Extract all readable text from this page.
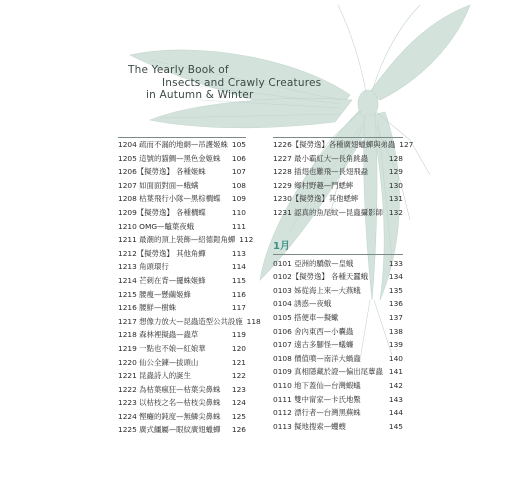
The Yearly Book of
Insects and Crawly Creatures
in Autumn & Winter
1204 疏而不漏的地網—吊護姬蛛 105
1205 這號的貓鯛—黑色金姬蛛	106
1206【擬勞逸】 各種姬蛛	107
1207 如面面對面—蛾螨	108
1208 枯葉飛行小隊—黑棕櫚蝶	109
1209【擬勞逸】 各種櫚蝶	110
1210 OMG—鼈葉夜蛾	111
1211 最潮的頂上裝飾—紹德鎧角蟬 112
1212【擬勞逸】 其他角蟬	113
1213 角頭環行	114
1214 芒刺在背—擺蛛姬蜂	115
1215 腰瘦—懸繭姬蜂	116
1216 腰鮮—樹蛛	117
1217 想像力放大—昆蟲造型公共設施 118
1218 森林裡擬蟲—蟲草	119
1219 一點也不娘—紅娘華	120
1220 仙公全鍊—拔頭山	121
1221 昆蟲詩人的誕生	122
1222 為枯葉瘋狂—枯葉尖鼻蛛	123
1223 以枯枝之名—枯枝尖鼻蛛	124
1224 慳癱的鈍度—無鱗尖鼻蛛	125
1225 廣式鱷屬—眼紋廣翅蠟蟬	126
1226【擬勞逸】各種廣翅蠟蟬與弟蟲 127
1227 最小霸紅大—長角跳蟲	128
1228 插翅也難飛—長翅飛蝨	129
1229 鄉村野趣—鬥蟋蟀	130
1230【擬勞逸】其他蟋蟀	131
1231 認真的魚尾蚊—昆蟲攝影師 132
1月
0101 亞洲的驕傲—皇蛾	133
0102【擬勞逸】 各種天蠶蛾	134
0103 姊從海上來—大燕蛾	135
0104 誘惑—夜蛾	136
0105 搭便車—擬蠍	137
0106 舍內東西—小囊蟲	138
0107 遠古多腳怪—蟻蠊	139
0108 價值噴—南洋大蝸蟲	140
0109 真相隱藏於證—偏出尾蕈蟲 141
0110 地下蓋仙—台灣蝦蟻	142
0111 雙中甯家—卡氏地鱉	143
0112 漂行者—台灣黑蕪蛛	144
0113 擬地搜索—蠼螋	145
